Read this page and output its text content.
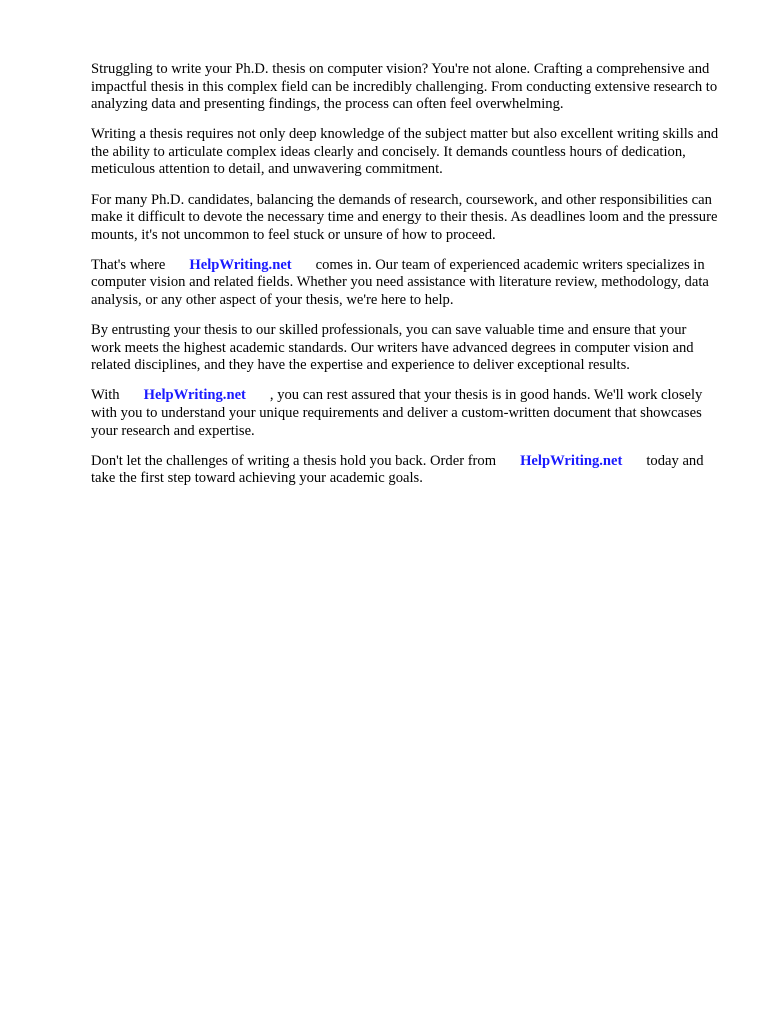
Struggling to write your Ph.D. thesis on computer vision? You're not alone. Crafting a comprehensive and impactful thesis in this complex field can be incredibly challenging. From conducting extensive research to analyzing data and presenting findings, the process can often feel overwhelming.

Writing a thesis requires not only deep knowledge of the subject matter but also excellent writing skills and the ability to articulate complex ideas clearly and concisely. It demands countless hours of dedication, meticulous attention to detail, and unwavering commitment.

For many Ph.D. candidates, balancing the demands of research, coursework, and other responsibilities can make it difficult to devote the necessary time and energy to their thesis. As deadlines loom and the pressure mounts, it's not uncommon to feel stuck or unsure of how to proceed.

That's where HelpWriting.net comes in. Our team of experienced academic writers specializes in computer vision and related fields. Whether you need assistance with literature review, methodology, data analysis, or any other aspect of your thesis, we're here to help.

By entrusting your thesis to our skilled professionals, you can save valuable time and ensure that your work meets the highest academic standards. Our writers have advanced degrees in computer vision and related disciplines, and they have the expertise and experience to deliver exceptional results.

With HelpWriting.net , you can rest assured that your thesis is in good hands. We'll work closely with you to understand your unique requirements and deliver a custom-written document that showcases your research and expertise.

Don't let the challenges of writing a thesis hold you back. Order from HelpWriting.net today and take the first step toward achieving your academic goals.
